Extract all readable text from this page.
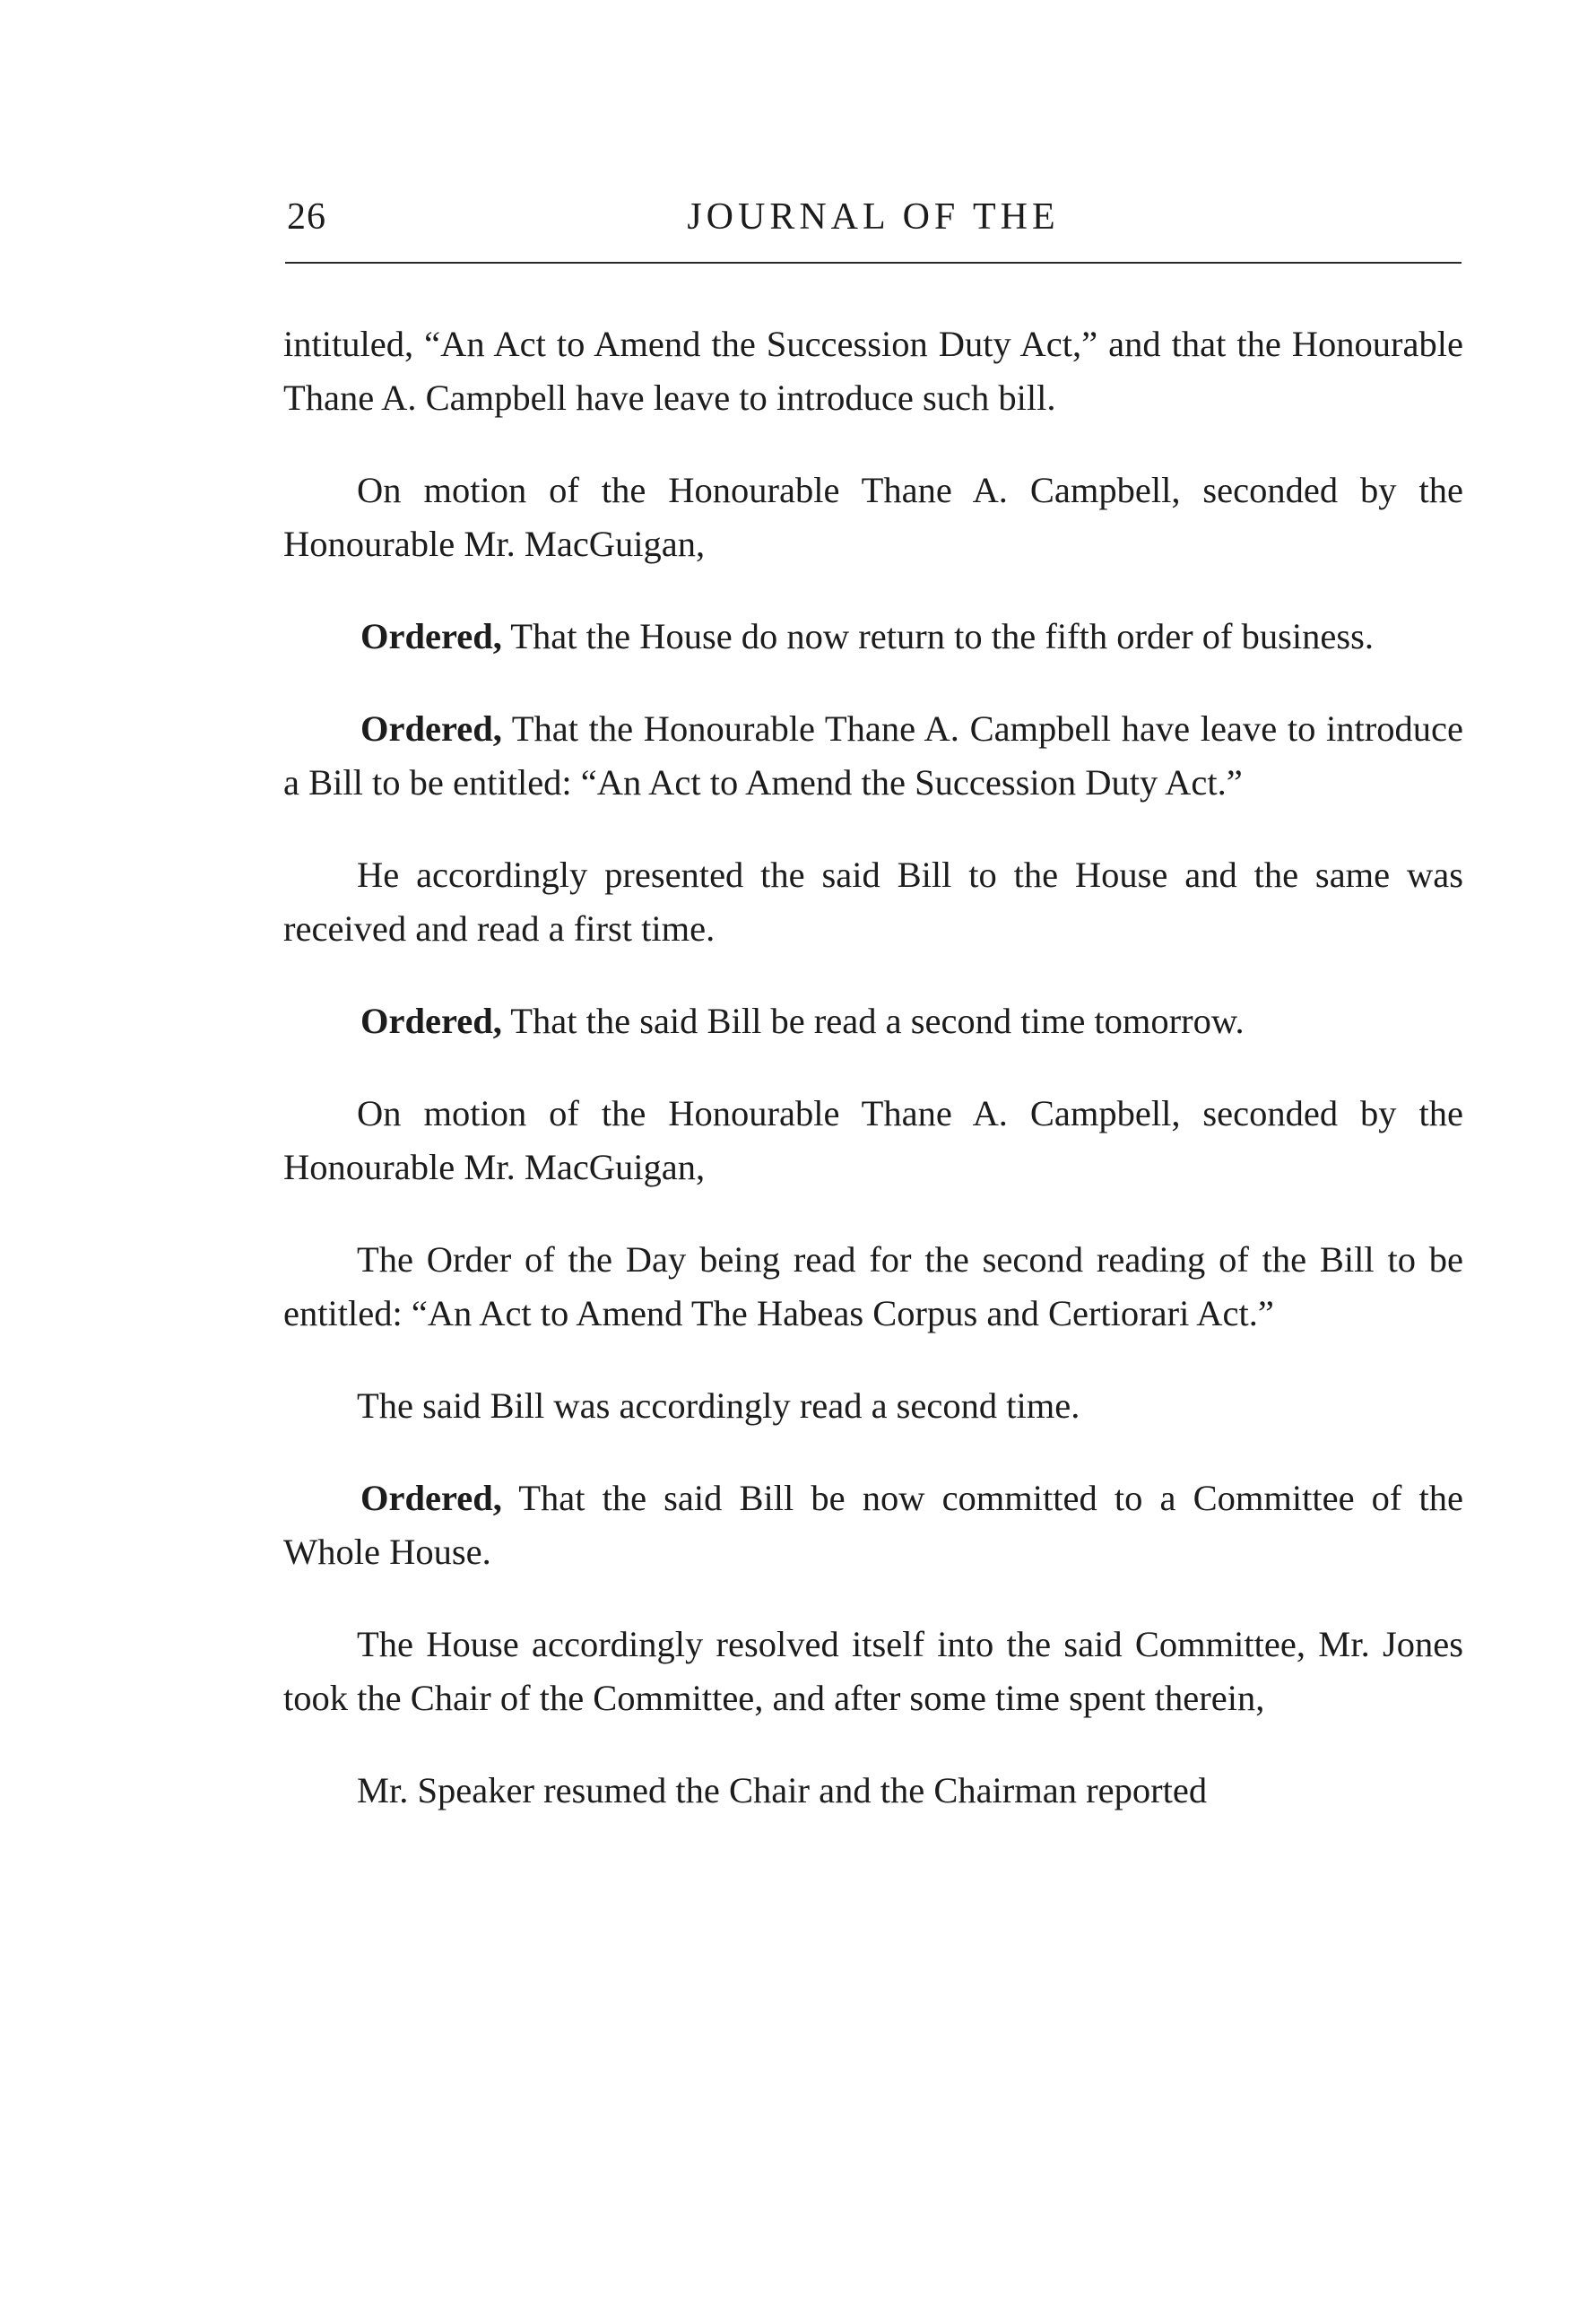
26	JOURNAL OF THE

intituled, “An Act to Amend the Succession Duty Act,” and that the Honourable Thane A. Campbell have leave to introduce such bill.

On motion of the Honourable Thane A. Campbell, seconded by the Honourable Mr. MacGuigan,

Ordered, That the House do now return to the fifth order of business.

Ordered, That the Honourable Thane A. Campbell have leave to introduce a Bill to be entitled: “An Act to Amend the Succession Duty Act.”

He accordingly presented the said Bill to the House and the same was received and read a first time.

Ordered, That the said Bill be read a second time tomorrow.

On motion of the Honourable Thane A. Campbell, seconded by the Honourable Mr. MacGuigan,

The Order of the Day being read for the second reading of the Bill to be entitled: “An Act to Amend The Habeas Corpus and Certiorari Act.”

The said Bill was accordingly read a second time.

Ordered, That the said Bill be now committed to a Committee of the Whole House.

The House accordingly resolved itself into the said Committee, Mr. Jones took the Chair of the Committee, and after some time spent therein,

Mr. Speaker resumed the Chair and the Chairman reported
